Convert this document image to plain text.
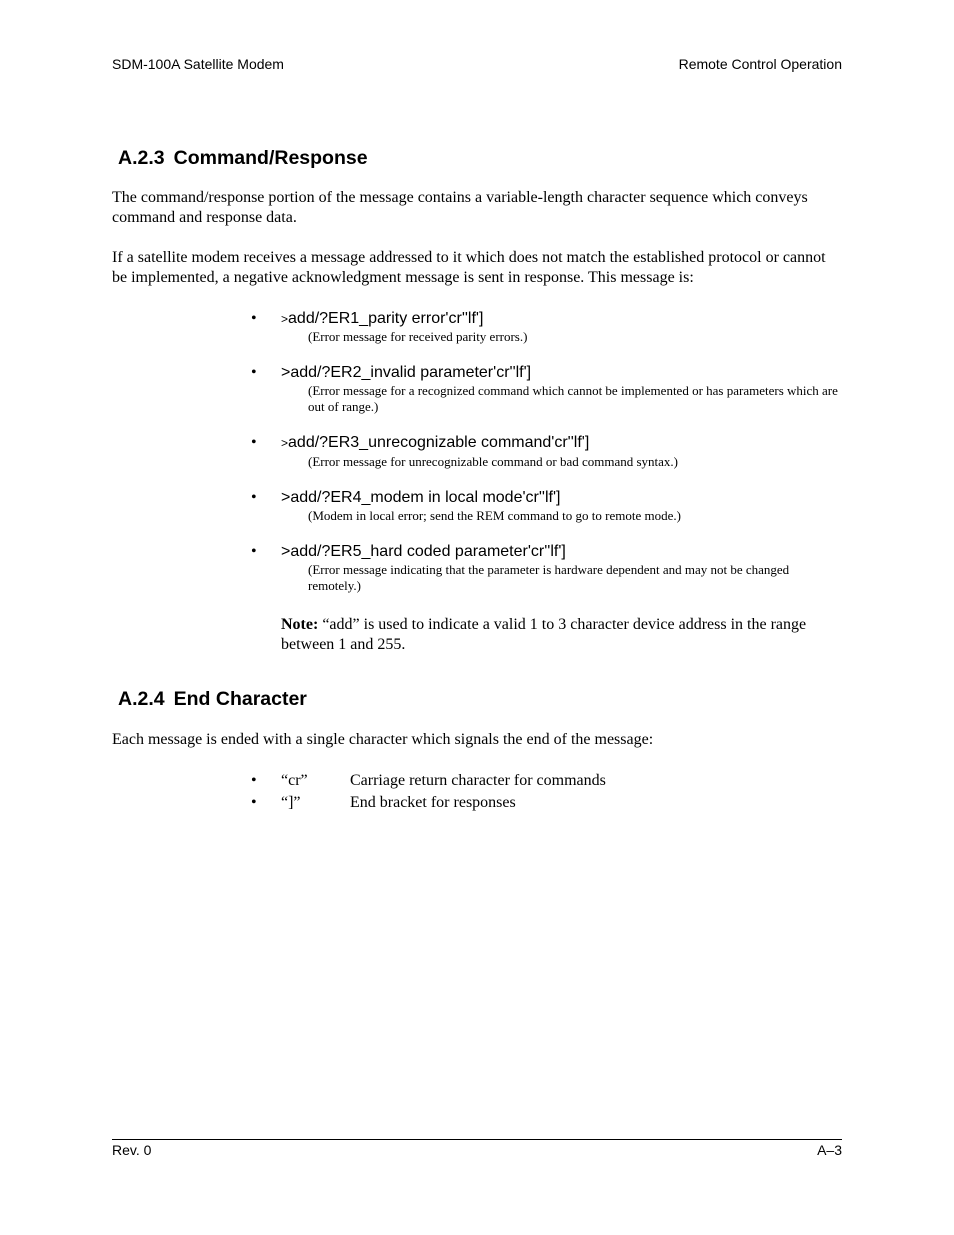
SDM-100A Satellite Modem	Remote Control Operation
A.2.3 Command/Response
The command/response portion of the message contains a variable-length character sequence which conveys command and response data.
If a satellite modem receives a message addressed to it which does not match the established protocol or cannot be implemented, a negative acknowledgment message is sent in response. This message is:
• >add/?ER1_parity error'cr''lf']
(Error message for received parity errors.)
• >add/?ER2_invalid parameter'cr''lf']
(Error message for a recognized command which cannot be implemented or has parameters which are out of range.)
• >add/?ER3_unrecognizable command'cr''lf']
(Error message for unrecognizable command or bad command syntax.)
• >add/?ER4_modem in local mode'cr''lf']
(Modem in local error; send the REM command to go to remote mode.)
• >add/?ER5_hard coded parameter'cr''lf']
(Error message indicating that the parameter is hardware dependent and may not be changed remotely.)
Note: “add” is used to indicate a valid 1 to 3 character device address in the range between 1 and 255.
A.2.4 End Character
Each message is ended with a single character which signals the end of the message:
• “cr”	Carriage return character for commands
• “]”	End bracket for responses
Rev. 0	A–3
